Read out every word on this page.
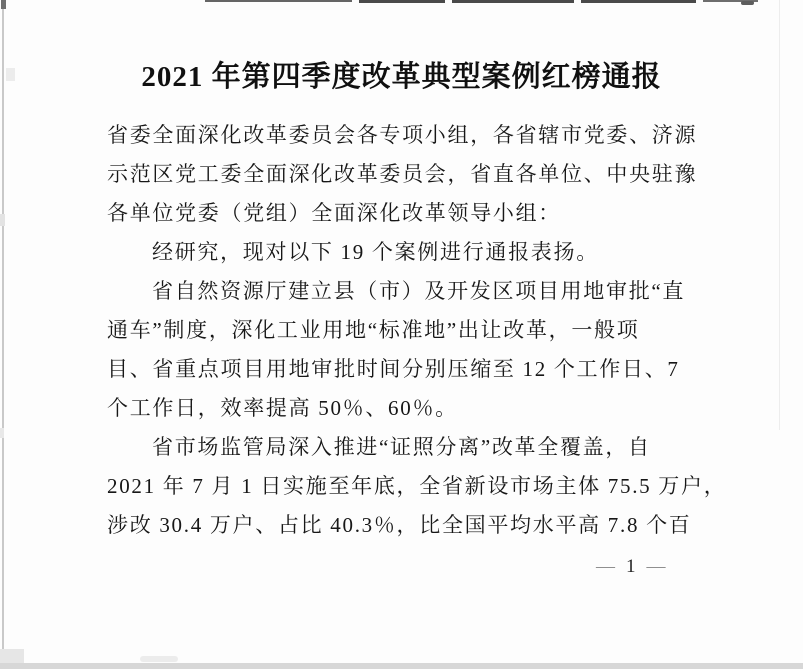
2021 年第四季度改革典型案例红榜通报
省委全面深化改革委员会各专项小组，各省辖市党委、济源
示范区党工委全面深化改革委员会，省直各单位、中央驻豫
各单位党委（党组）全面深化改革领导小组：
经研究，现对以下 19 个案例进行通报表扬。
省自然资源厅建立县（市）及开发区项目用地审批“直
通车”制度，深化工业用地“标准地”出让改革，一般项
目、省重点项目用地审批时间分别压缩至 12 个工作日、7
个工作日，效率提高 50％、60％。
省市场监管局深入推进“证照分离”改革全覆盖，自
2021 年 7 月 1 日实施至年底，全省新设市场主体 75.5 万户，
涉改 30.4 万户、占比 40.3％，比全国平均水平高 7.8 个百
— 1 —
